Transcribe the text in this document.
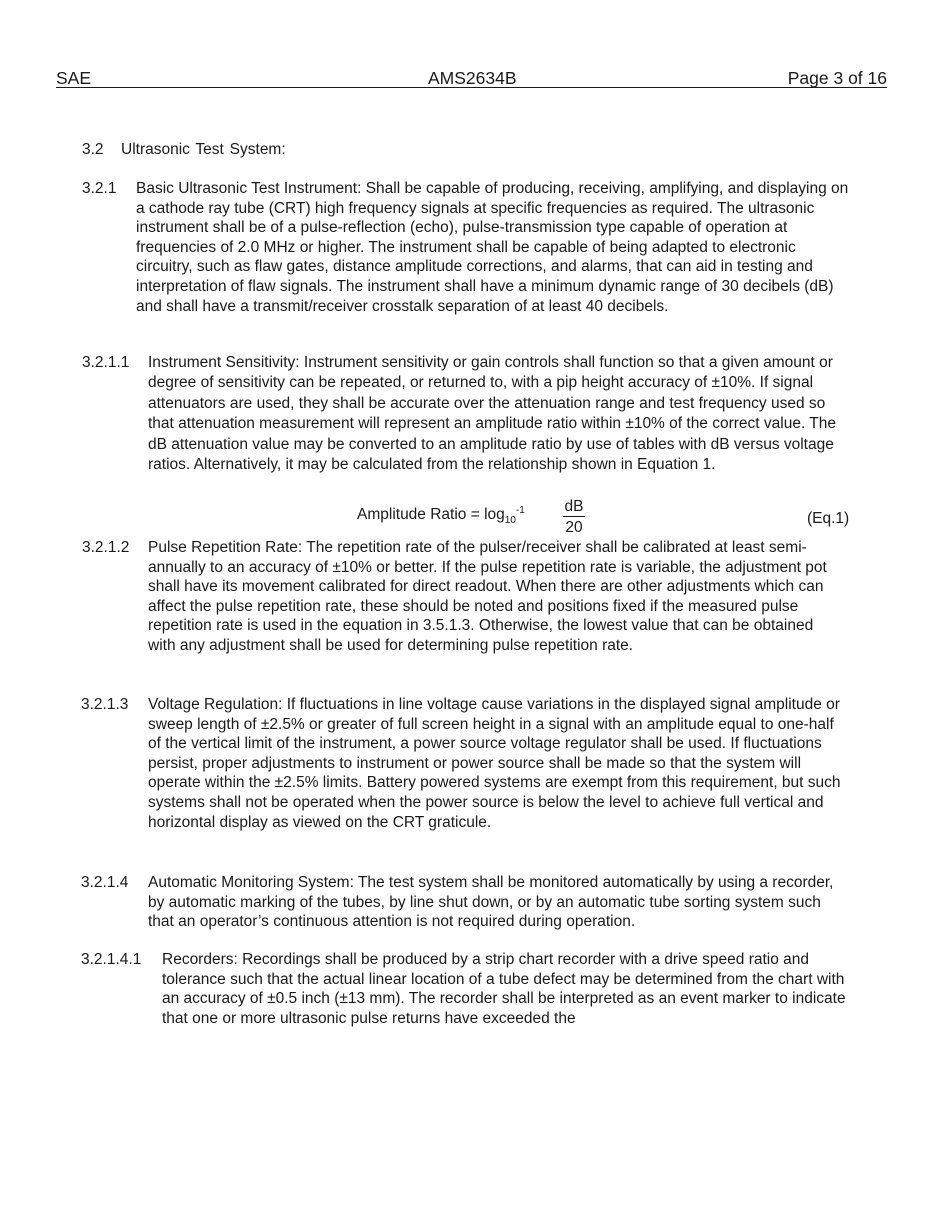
SAE	AMS2634B	Page 3 of 16
3.2 Ultrasonic Test System:
3.2.1 Basic Ultrasonic Test Instrument: Shall be capable of producing, receiving, amplifying, and displaying on a cathode ray tube (CRT) high frequency signals at specific frequencies as required. The ultrasonic instrument shall be of a pulse-reflection (echo), pulse-transmission type capable of operation at frequencies of 2.0 MHz or higher. The instrument shall be capable of being adapted to electronic circuitry, such as flaw gates, distance amplitude corrections, and alarms, that can aid in testing and interpretation of flaw signals. The instrument shall have a minimum dynamic range of 30 decibels (dB) and shall have a transmit/receiver crosstalk separation of at least 40 decibels.
3.2.1.1 Instrument Sensitivity: Instrument sensitivity or gain controls shall function so that a given amount or degree of sensitivity can be repeated, or returned to, with a pip height accuracy of ±10%. If signal attenuators are used, they shall be accurate over the attenuation range and test frequency used so that attenuation measurement will represent an amplitude ratio within ±10% of the correct value. The dB attenuation value may be converted to an amplitude ratio by use of tables with dB versus voltage ratios. Alternatively, it may be calculated from the relationship shown in Equation 1.
Amplitude Ratio = $\log_{10}^{-1}$	dB
20
(Eq.1)
3.2.1.2 Pulse Repetition Rate: The repetition rate of the pulser/receiver shall be calibrated at least semi-annually to an accuracy of ±10% or better. If the pulse repetition rate is variable, the adjustment pot shall have its movement calibrated for direct readout. When there are other adjustments which can affect the pulse repetition rate, these should be noted and positions fixed if the measured pulse repetition rate is used in the equation in 3.5.1.3. Otherwise, the lowest value that can be obtained with any adjustment shall be used for determining pulse repetition rate.
3.2.1.3 Voltage Regulation: If fluctuations in line voltage cause variations in the displayed signal amplitude or sweep length of ±2.5% or greater of full screen height in a signal with an amplitude equal to one-half of the vertical limit of the instrument, a power source voltage regulator shall be used. If fluctuations persist, proper adjustments to instrument or power source shall be made so that the system will operate within the ±2.5% limits. Battery powered systems are exempt from this requirement, but such systems shall not be operated when the power source is below the level to achieve full vertical and horizontal display as viewed on the CRT graticule.
3.2.1.4 Automatic Monitoring System: The test system shall be monitored automatically by using a recorder, by automatic marking of the tubes, by line shut down, or by an automatic tube sorting system such that an operator’s continuous attention is not required during operation.
3.2.1.4.1 Recorders: Recordings shall be produced by a strip chart recorder with a drive speed ratio and tolerance such that the actual linear location of a tube defect may be determined from the chart with an accuracy of ±0.5 inch (±13 mm). The recorder shall be interpreted as an event marker to indicate that one or more ultrasonic pulse returns have exceeded the
